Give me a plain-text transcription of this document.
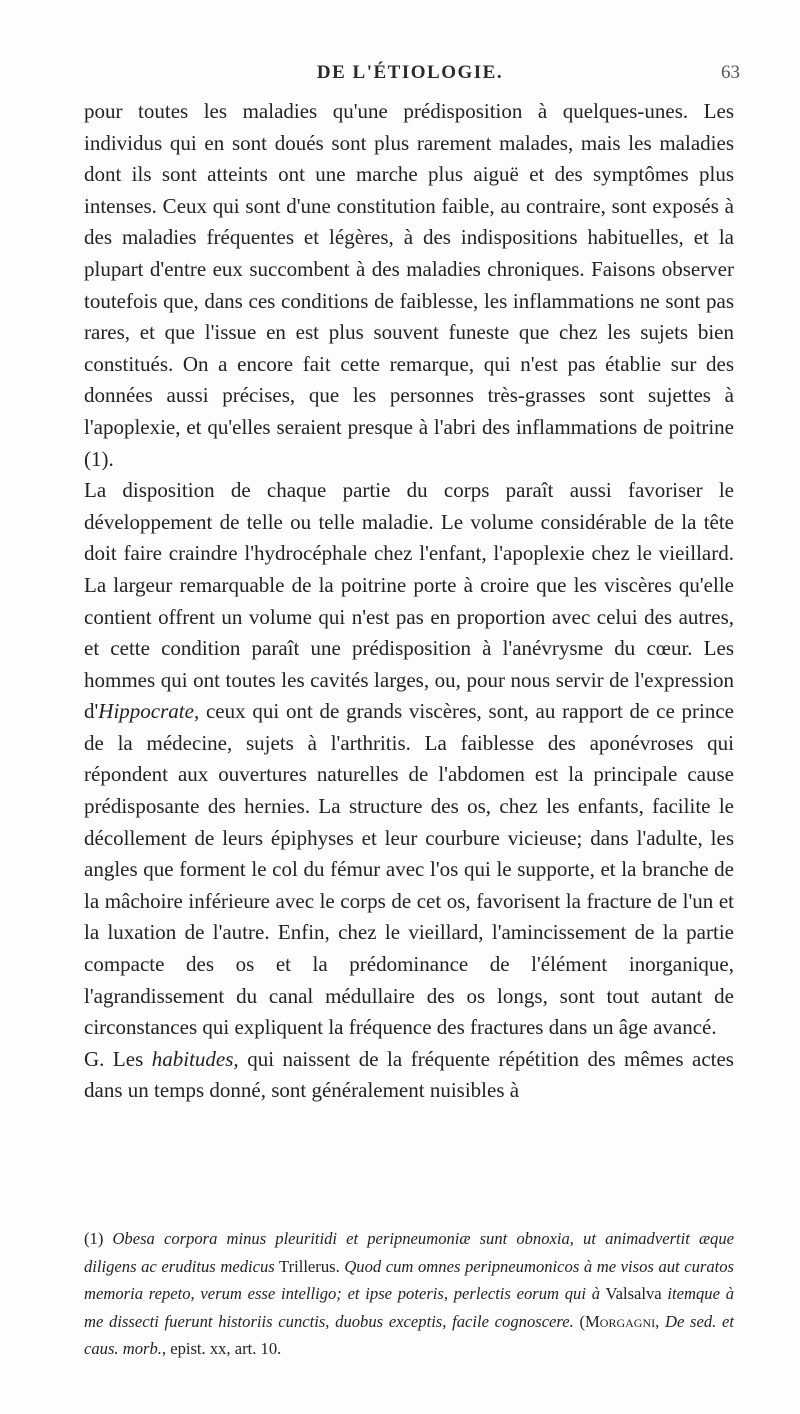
DE L'ÉTIOLOGIE.	63

pour toutes les maladies qu'une prédisposition à quelques-unes. Les individus qui en sont doués sont plus rarement malades, mais les maladies dont ils sont atteints ont une marche plus aiguë et des symptômes plus intenses. Ceux qui sont d'une constitution faible, au contraire, sont exposés à des maladies fréquentes et légères, à des indispositions habituelles, et la plupart d'entre eux succombent à des maladies chroniques. Faisons observer toutefois que, dans ces conditions de faiblesse, les inflammations ne sont pas rares, et que l'issue en est plus souvent funeste que chez les sujets bien constitués. On a encore fait cette remarque, qui n'est pas établie sur des données aussi précises, que les personnes très-grasses sont sujettes à l'apoplexie, et qu'elles seraient presque à l'abri des inflammations de poitrine (1).

La disposition de chaque partie du corps paraît aussi favoriser le développement de telle ou telle maladie. Le volume considérable de la tête doit faire craindre l'hydrocéphale chez l'enfant, l'apoplexie chez le vieillard. La largeur remarquable de la poitrine porte à croire que les viscères qu'elle contient offrent un volume qui n'est pas en proportion avec celui des autres, et cette condition paraît une prédisposition à l'anévrysme du cœur. Les hommes qui ont toutes les cavités larges, ou, pour nous servir de l'expression d'Hippocrate, ceux qui ont de grands viscères, sont, au rapport de ce prince de la médecine, sujets à l'arthritis. La faiblesse des aponévroses qui répondent aux ouvertures naturelles de l'abdomen est la principale cause prédisposante des hernies. La structure des os, chez les enfants, facilite le décollement de leurs épiphyses et leur courbure vicieuse; dans l'adulte, les angles que forment le col du fémur avec l'os qui le supporte, et la branche de la mâchoire inférieure avec le corps de cet os, favorisent la fracture de l'un et la luxation de l'autre. Enfin, chez le vieillard, l'amincissement de la partie compacte des os et la prédominance de l'élément inorganique, l'agrandissement du canal médullaire des os longs, sont tout autant de circonstances qui expliquent la fréquence des fractures dans un âge avancé.

G. Les habitudes, qui naissent de la fréquente répétition des mêmes actes dans un temps donné, sont généralement nuisibles à

(1) Obesa corpora minus pleuritidi et peripneumoniæ sunt obnoxia, ut animadvertit æque diligens ac eruditus medicus Trillerus. Quod cum omnes peripneumonicos à me visos aut curatos memoria repeto, verum esse intelligo; et ipse poteris, perlectis eorum qui à Valsalva itemque à me dissecti fuerunt historiis cunctis, duobus exceptis, facile cognoscere. (Morgagni, De sed. et caus. morb., epist. xx, art. 10.
